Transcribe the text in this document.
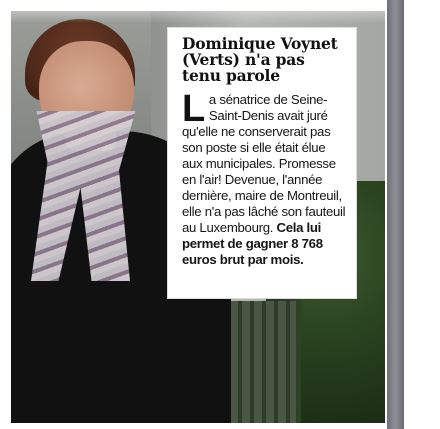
Dominique Voynet (Verts) n'a pas tenu parole

La sénatrice de Seine-Saint-Denis avait juré qu'elle ne conserverait pas son poste si elle était élue aux municipales. Promesse en l'air! Devenue, l'année dernière, maire de Montreuil, elle n'a pas lâché son fauteuil au Luxembourg. Cela lui permet de gagner 8 768 euros brut par mois.
